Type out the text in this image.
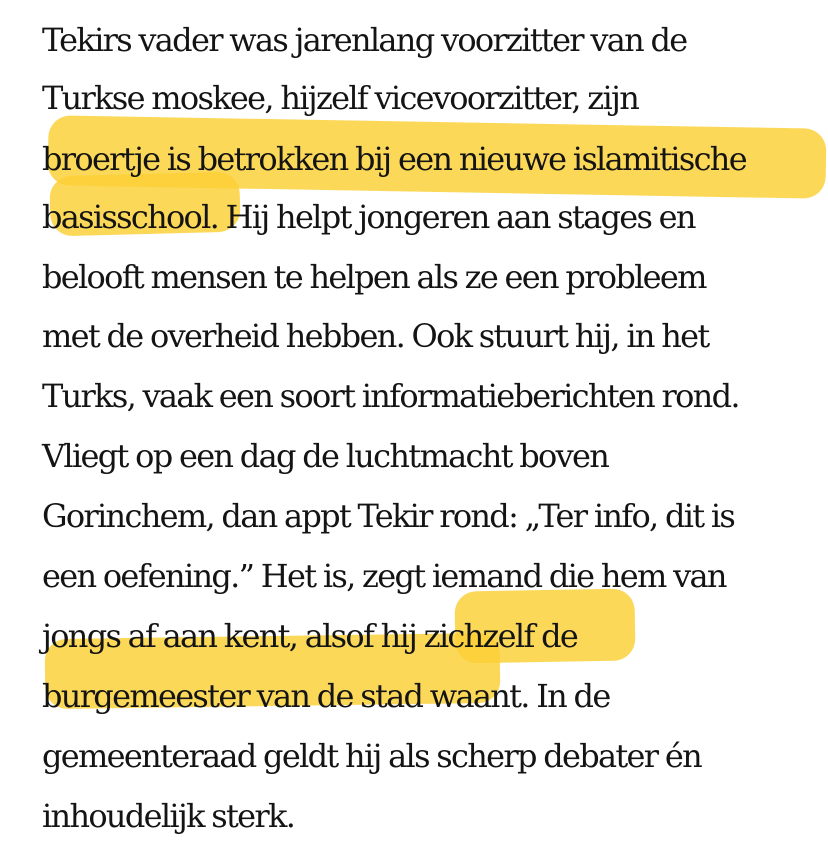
Tekirs vader was jarenlang voorzitter van de

Turkse moskee, hijzelf vicevoorzitter, zijn

broertje is betrokken bij een nieuwe islamitische

basisschool. Hij helpt jongeren aan stages en

belooft mensen te helpen als ze een probleem

met de overheid hebben. Ook stuurt hij, in het

Turks, vaak een soort informatieberichten rond.

Vliegt op een dag de luchtmacht boven

Gorinchem, dan appt Tekir rond: „Ter info, dit is

een oefening.” Het is, zegt iemand die hem van

jongs af aan kent, alsof hij zichzelf de

burgemeester van de stad waant. In de

gemeenteraad geldt hij als scherp debater én

inhoudelijk sterk.
